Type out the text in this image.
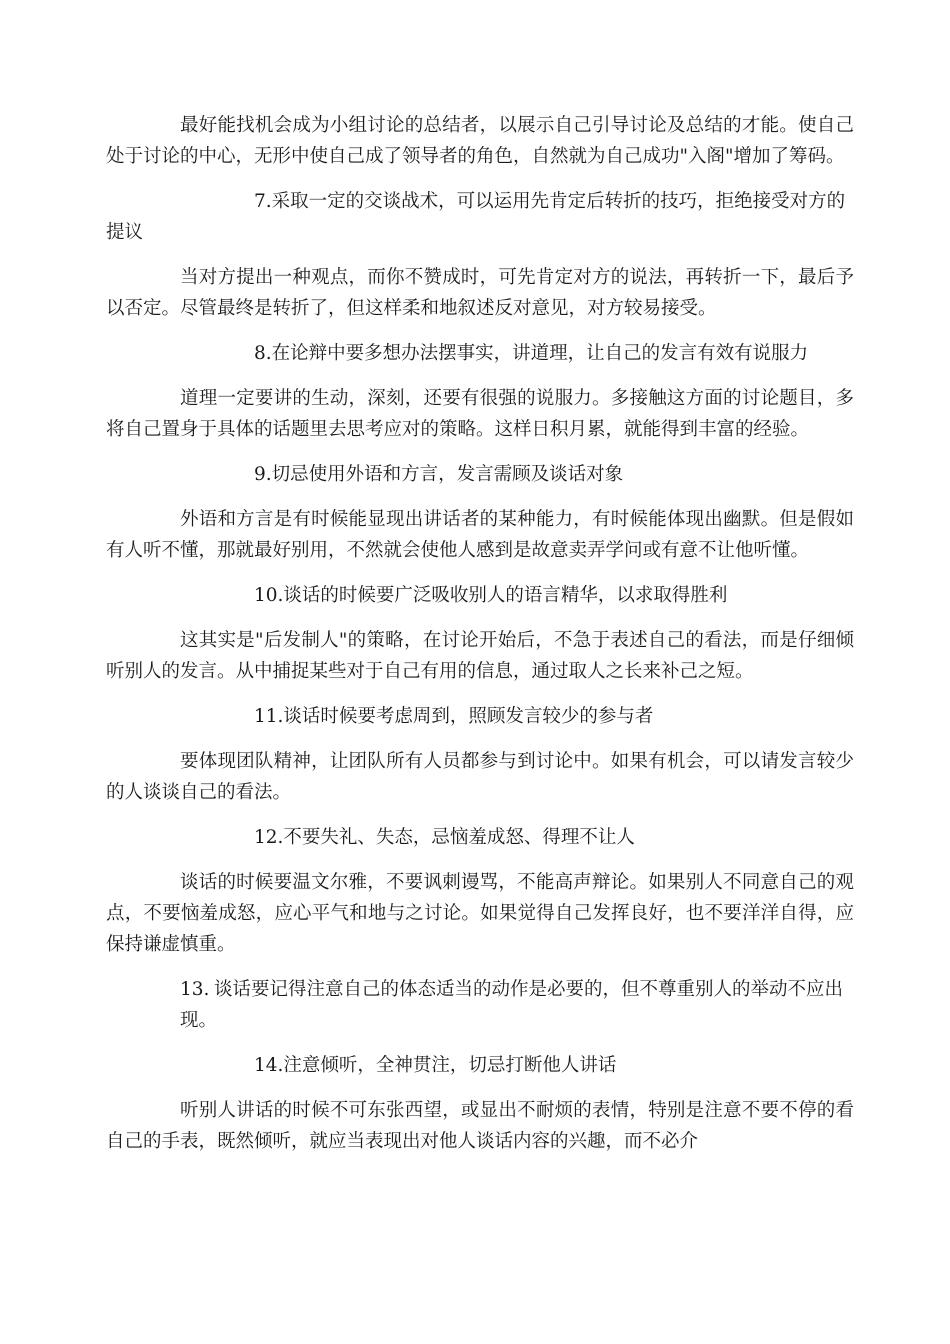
最好能找机会成为小组讨论的总结者，以展示自己引导讨论及总结的才能。使自己处于讨论的中心，无形中使自己成了领导者的角色，自然就为自己成功"入阁"增加了筹码。

7.采取一定的交谈战术，可以运用先肯定后转折的技巧，拒绝接受对方的提议

当对方提出一种观点，而你不赞成时，可先肯定对方的说法，再转折一下，最后予以否定。尽管最终是转折了，但这样柔和地叙述反对意见，对方较易接受。

8.在论辩中要多想办法摆事实，讲道理，让自己的发言有效有说服力

道理一定要讲的生动，深刻，还要有很强的说服力。多接触这方面的讨论题目，多将自己置身于具体的话题里去思考应对的策略。这样日积月累，就能得到丰富的经验。

9.切忌使用外语和方言，发言需顾及谈话对象

外语和方言是有时候能显现出讲话者的某种能力，有时候能体现出幽默。但是假如有人听不懂，那就最好别用，不然就会使他人感到是故意卖弄学问或有意不让他听懂。

10.谈话的时候要广泛吸收别人的语言精华，以求取得胜利

这其实是"后发制人"的策略，在讨论开始后，不急于表述自己的看法，而是仔细倾听别人的发言。从中捕捉某些对于自己有用的信息，通过取人之长来补己之短。

11.谈话时候要考虑周到，照顾发言较少的参与者

要体现团队精神，让团队所有人员都参与到讨论中。如果有机会，可以请发言较少的人谈谈自己的看法。

12.不要失礼、失态，忌恼羞成怒、得理不让人

谈话的时候要温文尔雅，不要讽刺谩骂，不能高声辩论。如果别人不同意自己的观点，不要恼羞成怒，应心平气和地与之讨论。如果觉得自己发挥良好，也不要洋洋自得，应保持谦虚慎重。

13. 谈话要记得注意自己的体态适当的动作是必要的，但不尊重别人的举动不应出现。

14.注意倾听，全神贯注，切忌打断他人讲话

听别人讲话的时候不可东张西望，或显出不耐烦的表情，特别是注意不要不停的看自己的手表，既然倾听，就应当表现出对他人谈话内容的兴趣，而不必介
